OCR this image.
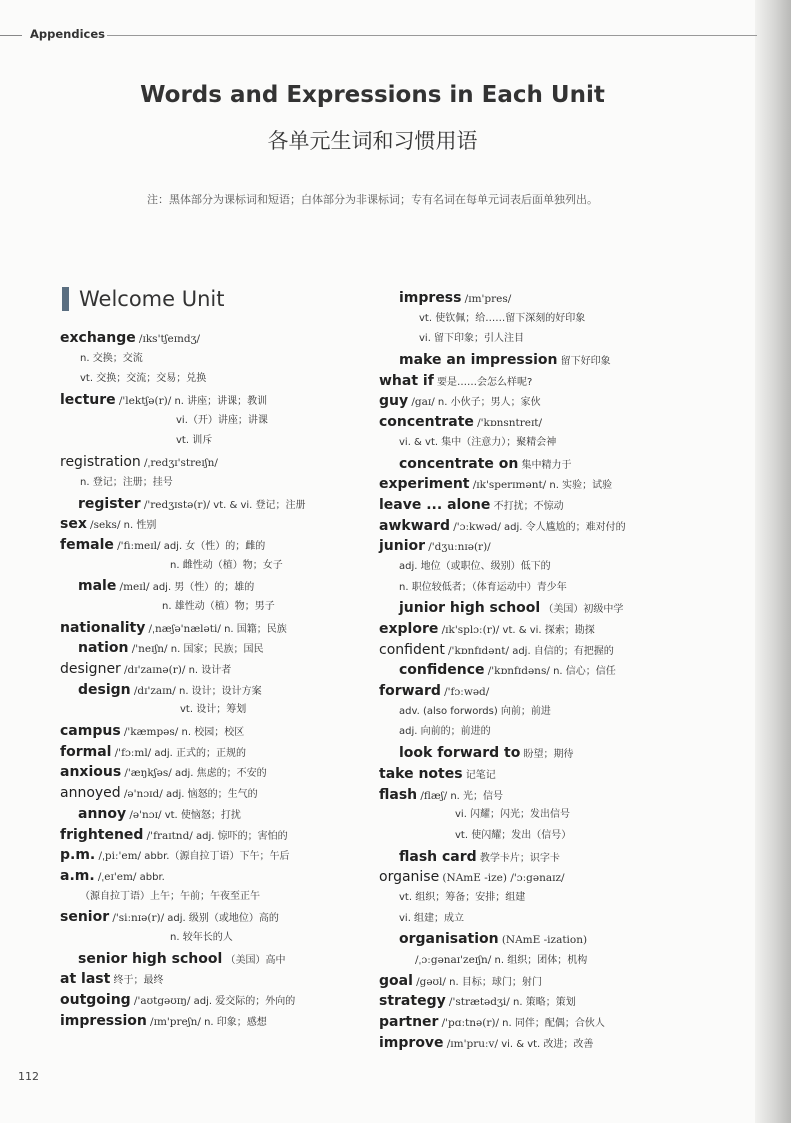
Appendices
Words and Expressions in Each Unit
各单元生词和习惯用语
注：黑体部分为课标词和短语；白体部分为非课标词；专有名词在每单元词表后面单独列出。
Welcome Unit
exchange /ɪks'tʃeɪndʒ/
n. 交换；交流
vt. 交换；交流；交易；兑换
lecture /'lektʃə(r)/ n. 讲座；讲课；教训
vi.（开）讲座；讲课
vt. 训斥
registration /ˌredʒɪ'streɪʃn/
n. 登记；注册；挂号
register /'redʒɪstə(r)/ vt. & vi. 登记；注册
sex /seks/ n. 性别
female /'fiːmeɪl/ adj. 女（性）的；雌的
n. 雌性动（植）物；女子
male /meɪl/ adj. 男（性）的；雄的
n. 雄性动（植）物；男子
nationality /ˌnæʃə'næləti/ n. 国籍；民族
nation /'neɪʃn/ n. 国家；民族；国民
designer /dɪ'zaɪnə(r)/ n. 设计者
design /dɪ'zaɪn/ n. 设计；设计方案
vt. 设计；筹划
campus /'kæmpəs/ n. 校园；校区
formal /'fɔːml/ adj. 正式的；正规的
anxious /'æŋkʃəs/ adj. 焦虑的；不安的
annoyed /ə'nɔɪd/ adj. 恼怒的；生气的
annoy /ə'nɔɪ/ vt. 使恼怒；打扰
frightened /'fraɪtnd/ adj. 惊吓的；害怕的
p.m. /ˌpiː'em/ abbr.（源自拉丁语）下午；午后
a.m. /ˌeɪ'em/ abbr.
（源自拉丁语）上午；午前；午夜至正午
senior /'siːnɪə(r)/ adj. 级别（或地位）高的
n. 较年长的人
senior high school （美国）高中
at last 终于；最终
outgoing /'aʊtgəʊɪŋ/ adj. 爱交际的；外向的
impression /ɪm'preʃn/ n. 印象；感想
impress /ɪm'pres/
vt. 使钦佩；给……留下深刻的好印象
vi. 留下印象；引人注目
make an impression 留下好印象
what if 要是……会怎么样呢?
guy /gaɪ/ n. 小伙子；男人；家伙
concentrate /'kɒnsntreɪt/
vi. & vt. 集中（注意力）；聚精会神
concentrate on 集中精力于
experiment /ɪk'sperɪmənt/ n. 实验；试验
leave ... alone 不打扰；不惊动
awkward /'ɔːkwəd/ adj. 令人尴尬的；难对付的
junior /'dʒuːnɪə(r)/
adj. 地位（或职位、级别）低下的
n. 职位较低者；（体育运动中）青少年
junior high school （美国）初级中学
explore /ɪk'splɔː(r)/ vt. & vi. 探索；勘探
confident /'kɒnfɪdənt/ adj. 自信的；有把握的
confidence /'kɒnfɪdəns/ n. 信心；信任
forward /'fɔːwəd/
adv. (also forwords) 向前；前进
adj. 向前的；前进的
look forward to 盼望；期待
take notes 记笔记
flash /flæʃ/ n. 光；信号
vi. 闪耀；闪光；发出信号
vt. 使闪耀；发出（信号）
flash card 教学卡片；识字卡
organise (NAmE -ize) /'ɔːgənaɪz/
vt. 组织；筹备；安排；组建
vi. 组建；成立
organisation (NAmE -ization)
/ˌɔːgənaɪ'zeɪʃn/ n. 组织；团体；机构
goal /gəʊl/ n. 目标；球门；射门
strategy /'strætədʒi/ n. 策略；策划
partner /'pɑːtnə(r)/ n. 同伴；配偶；合伙人
improve /ɪm'pruːv/ vi. & vt. 改进；改善
112
